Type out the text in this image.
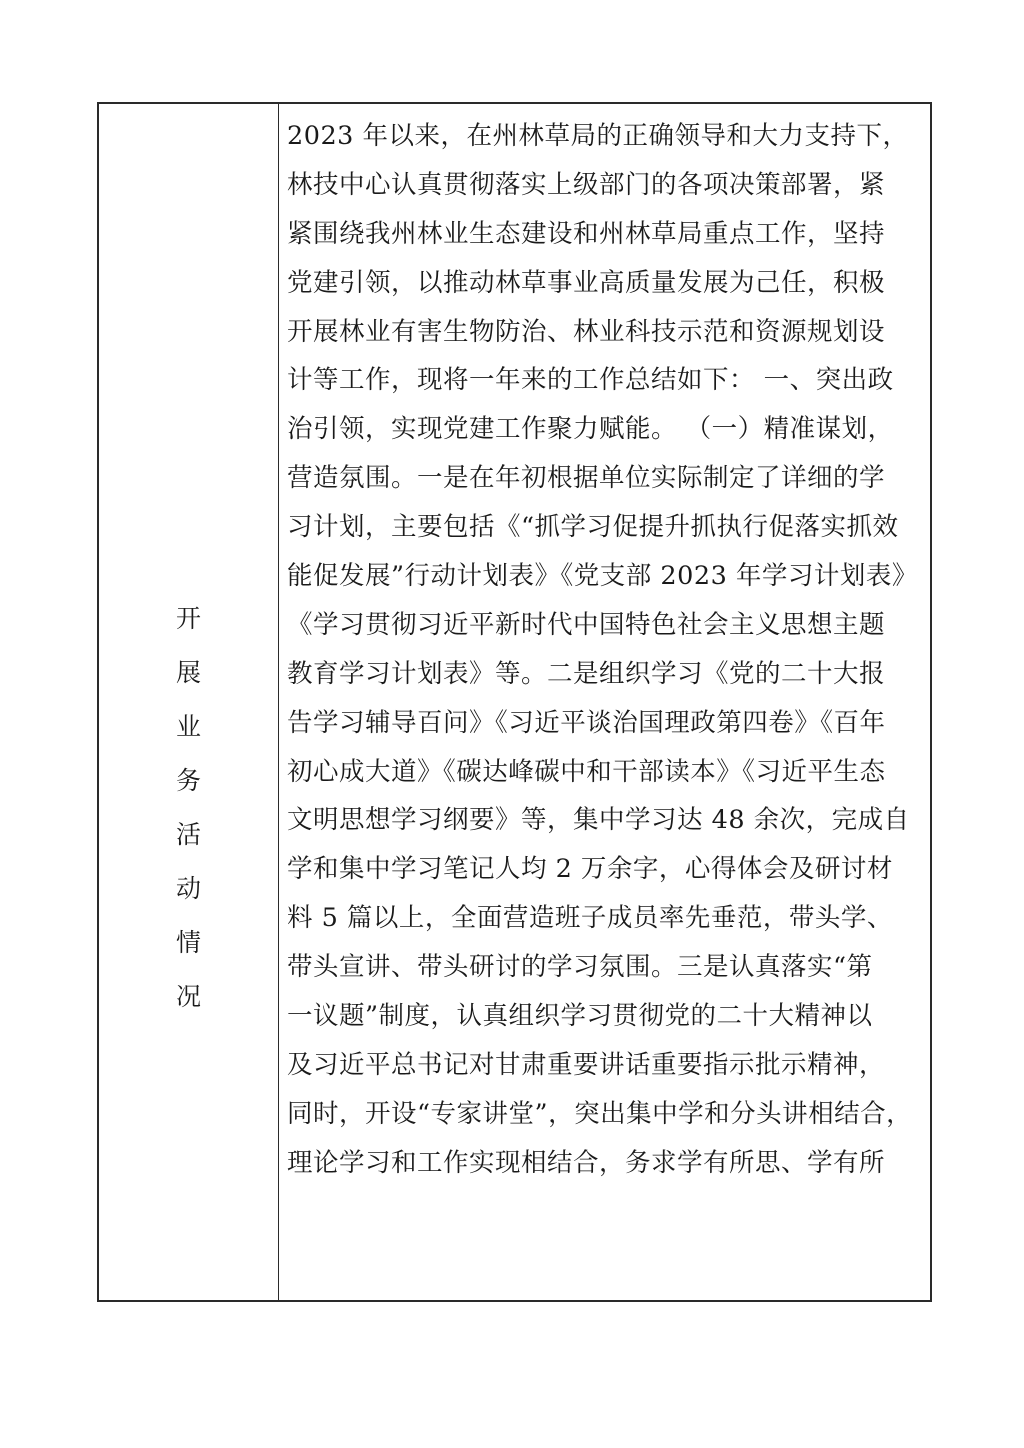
开
展
业
务
活
动
情
况
2023 年以来，在州林草局的正确领导和大力支持下，
林技中心认真贯彻落实上级部门的各项决策部署，紧
紧围绕我州林业生态建设和州林草局重点工作，坚持
党建引领，以推动林草事业高质量发展为己任，积极
开展林业有害生物防治、林业科技示范和资源规划设
计等工作，现将一年来的工作总结如下： 一、突出政
治引领，实现党建工作聚力赋能。 （一）精准谋划，
营造氛围。一是在年初根据单位实际制定了详细的学
习计划，主要包括《“抓学习促提升抓执行促落实抓效
能促发展”行动计划表》《党支部 2023 年学习计划表》
《学习贯彻习近平新时代中国特色社会主义思想主题
教育学习计划表》等。二是组织学习《党的二十大报
告学习辅导百问》《习近平谈治国理政第四卷》《百年
初心成大道》《碳达峰碳中和干部读本》《习近平生态
文明思想学习纲要》等，集中学习达 48 余次，完成自
学和集中学习笔记人均 2 万余字，心得体会及研讨材
料 5 篇以上，全面营造班子成员率先垂范，带头学、
带头宣讲、带头研讨的学习氛围。三是认真落实“第
一议题”制度，认真组织学习贯彻党的二十大精神以
及习近平总书记对甘肃重要讲话重要指示批示精神，
同时，开设“专家讲堂”，突出集中学和分头讲相结合，
理论学习和工作实现相结合，务求学有所思、学有所
